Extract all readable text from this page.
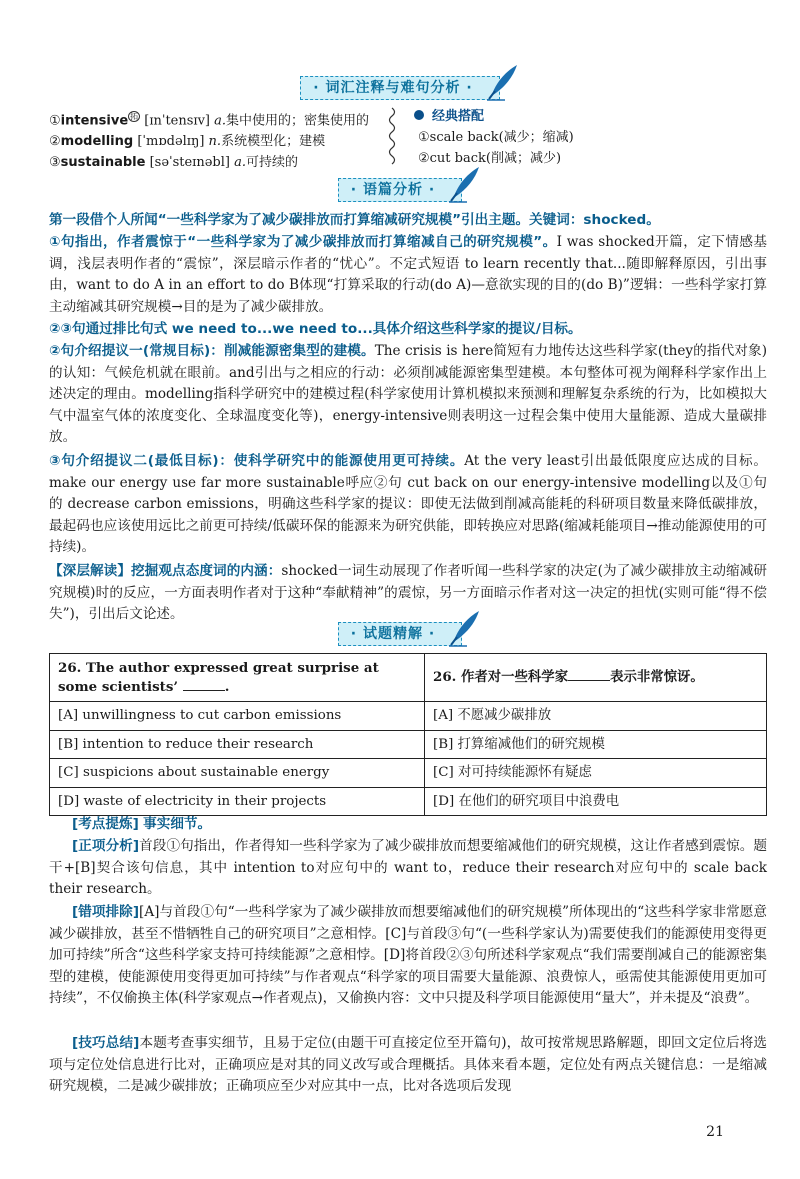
· 词汇注释与难句分析 ·
①intensive $^拓$ [ɪnˈtensɪv] a.集中使用的；密集使用的
②modelling [ˈmɒdəlɪŋ] n.系统模型化；建模
③sustainable [səˈsteɪnəbl] a.可持续的
经典搭配
①scale back(减少；缩减)
②cut back(削减；减少)
· 语篇分析 ·
第一段借个人所闻“一些科学家为了减少碳排放而打算缩减研究规模”引出主题。关键词：shocked。
①句指出，作者震惊于“一些科学家为了减少碳排放而打算缩减自己的研究规模”。I was shocked开篇，定下情感基调，浅层表明作者的“震惊”，深层暗示作者的“忧心”。不定式短语 to learn recently that...随即解释原因，引出事由，want to do A in an effort to do B体现“打算采取的行动(do A)—意欲实现的目的(do B)”逻辑：一些科学家打算主动缩减其研究规模→目的是为了减少碳排放。
②③句通过排比句式 we need to...we need to...具体介绍这些科学家的提议/目标。
②句介绍提议一(常规目标)：削减能源密集型的建模。The crisis is here简短有力地传达这些科学家(they的指代对象)的认知：气候危机就在眼前。and引出与之相应的行动：必须削减能源密集型建模。本句整体可视为阐释科学家作出上述决定的理由。modelling指科学研究中的建模过程(科学家使用计算机模拟来预测和理解复杂系统的行为，比如模拟大气中温室气体的浓度变化、全球温度变化等)，energy-intensive则表明这一过程会集中使用大量能源、造成大量碳排放。
③句介绍提议二(最低目标)：使科学研究中的能源使用更可持续。At the very least引出最低限度应达成的目标。make our energy use far more sustainable呼应②句 cut back on our energy-intensive modelling以及①句的 decrease carbon emissions，明确这些科学家的提议：即使无法做到削减高能耗的科研项目数量来降低碳排放，最起码也应该使用远比之前更可持续/低碳环保的能源来为研究供能，即转换应对思路(缩减耗能项目→推动能源使用的可持续)。
【深层解读】挖掘观点态度词的内涵：shocked一词生动展现了作者听闻一些科学家的决定(为了减少碳排放主动缩减研究规模)时的反应，一方面表明作者对于这种“奉献精神”的震惊，另一方面暗示作者对这一决定的担忧(实则可能“得不偿失”)，引出后文论述。
· 试题精解 ·
26. The author expressed great surprise at some scientists’ .	26. 作者对一些科学家 表示非常惊讶。
[A] unwillingness to cut carbon emissions	[A] 不愿减少碳排放
[B] intention to reduce their research	[B] 打算缩减他们的研究规模
[C] suspicions about sustainable energy	[C] 对可持续能源怀有疑虑
[D] waste of electricity in their projects	[D] 在他们的研究项目中浪费电
[考点提炼] 事实细节。
[正项分析]首段①句指出，作者得知一些科学家为了减少碳排放而想要缩减他们的研究规模，这让作者感到震惊。题干+[B]契合该句信息，其中 intention to对应句中的 want to，reduce their research对应句中的 scale back their research。
[错项排除][A]与首段①句“一些科学家为了减少碳排放而想要缩减他们的研究规模”所体现出的“这些科学家非常愿意减少碳排放，甚至不惜牺牲自己的研究项目”之意相悖。[C]与首段③句“(一些科学家认为)需要使我们的能源使用变得更加可持续”所含“这些科学家支持可持续能源”之意相悖。[D]将首段②③句所述科学家观点“我们需要削减自己的能源密集型的建模，使能源使用变得更加可持续”与作者观点“科学家的项目需要大量能源、浪费惊人，亟需使其能源使用更加可持续”，不仅偷换主体(科学家观点→作者观点)，又偷换内容：文中只提及科学项目能源使用“量大”，并未提及“浪费”。
[技巧总结]本题考查事实细节，且易于定位(由题干可直接定位至开篇句)，故可按常规思路解题，即回文定位后将选项与定位处信息进行比对，正确项应是对其的同义改写或合理概括。具体来看本题，定位处有两点关键信息：一是缩减研究规模，二是减少碳排放；正确项应至少对应其中一点，比对各选项后发现
21
